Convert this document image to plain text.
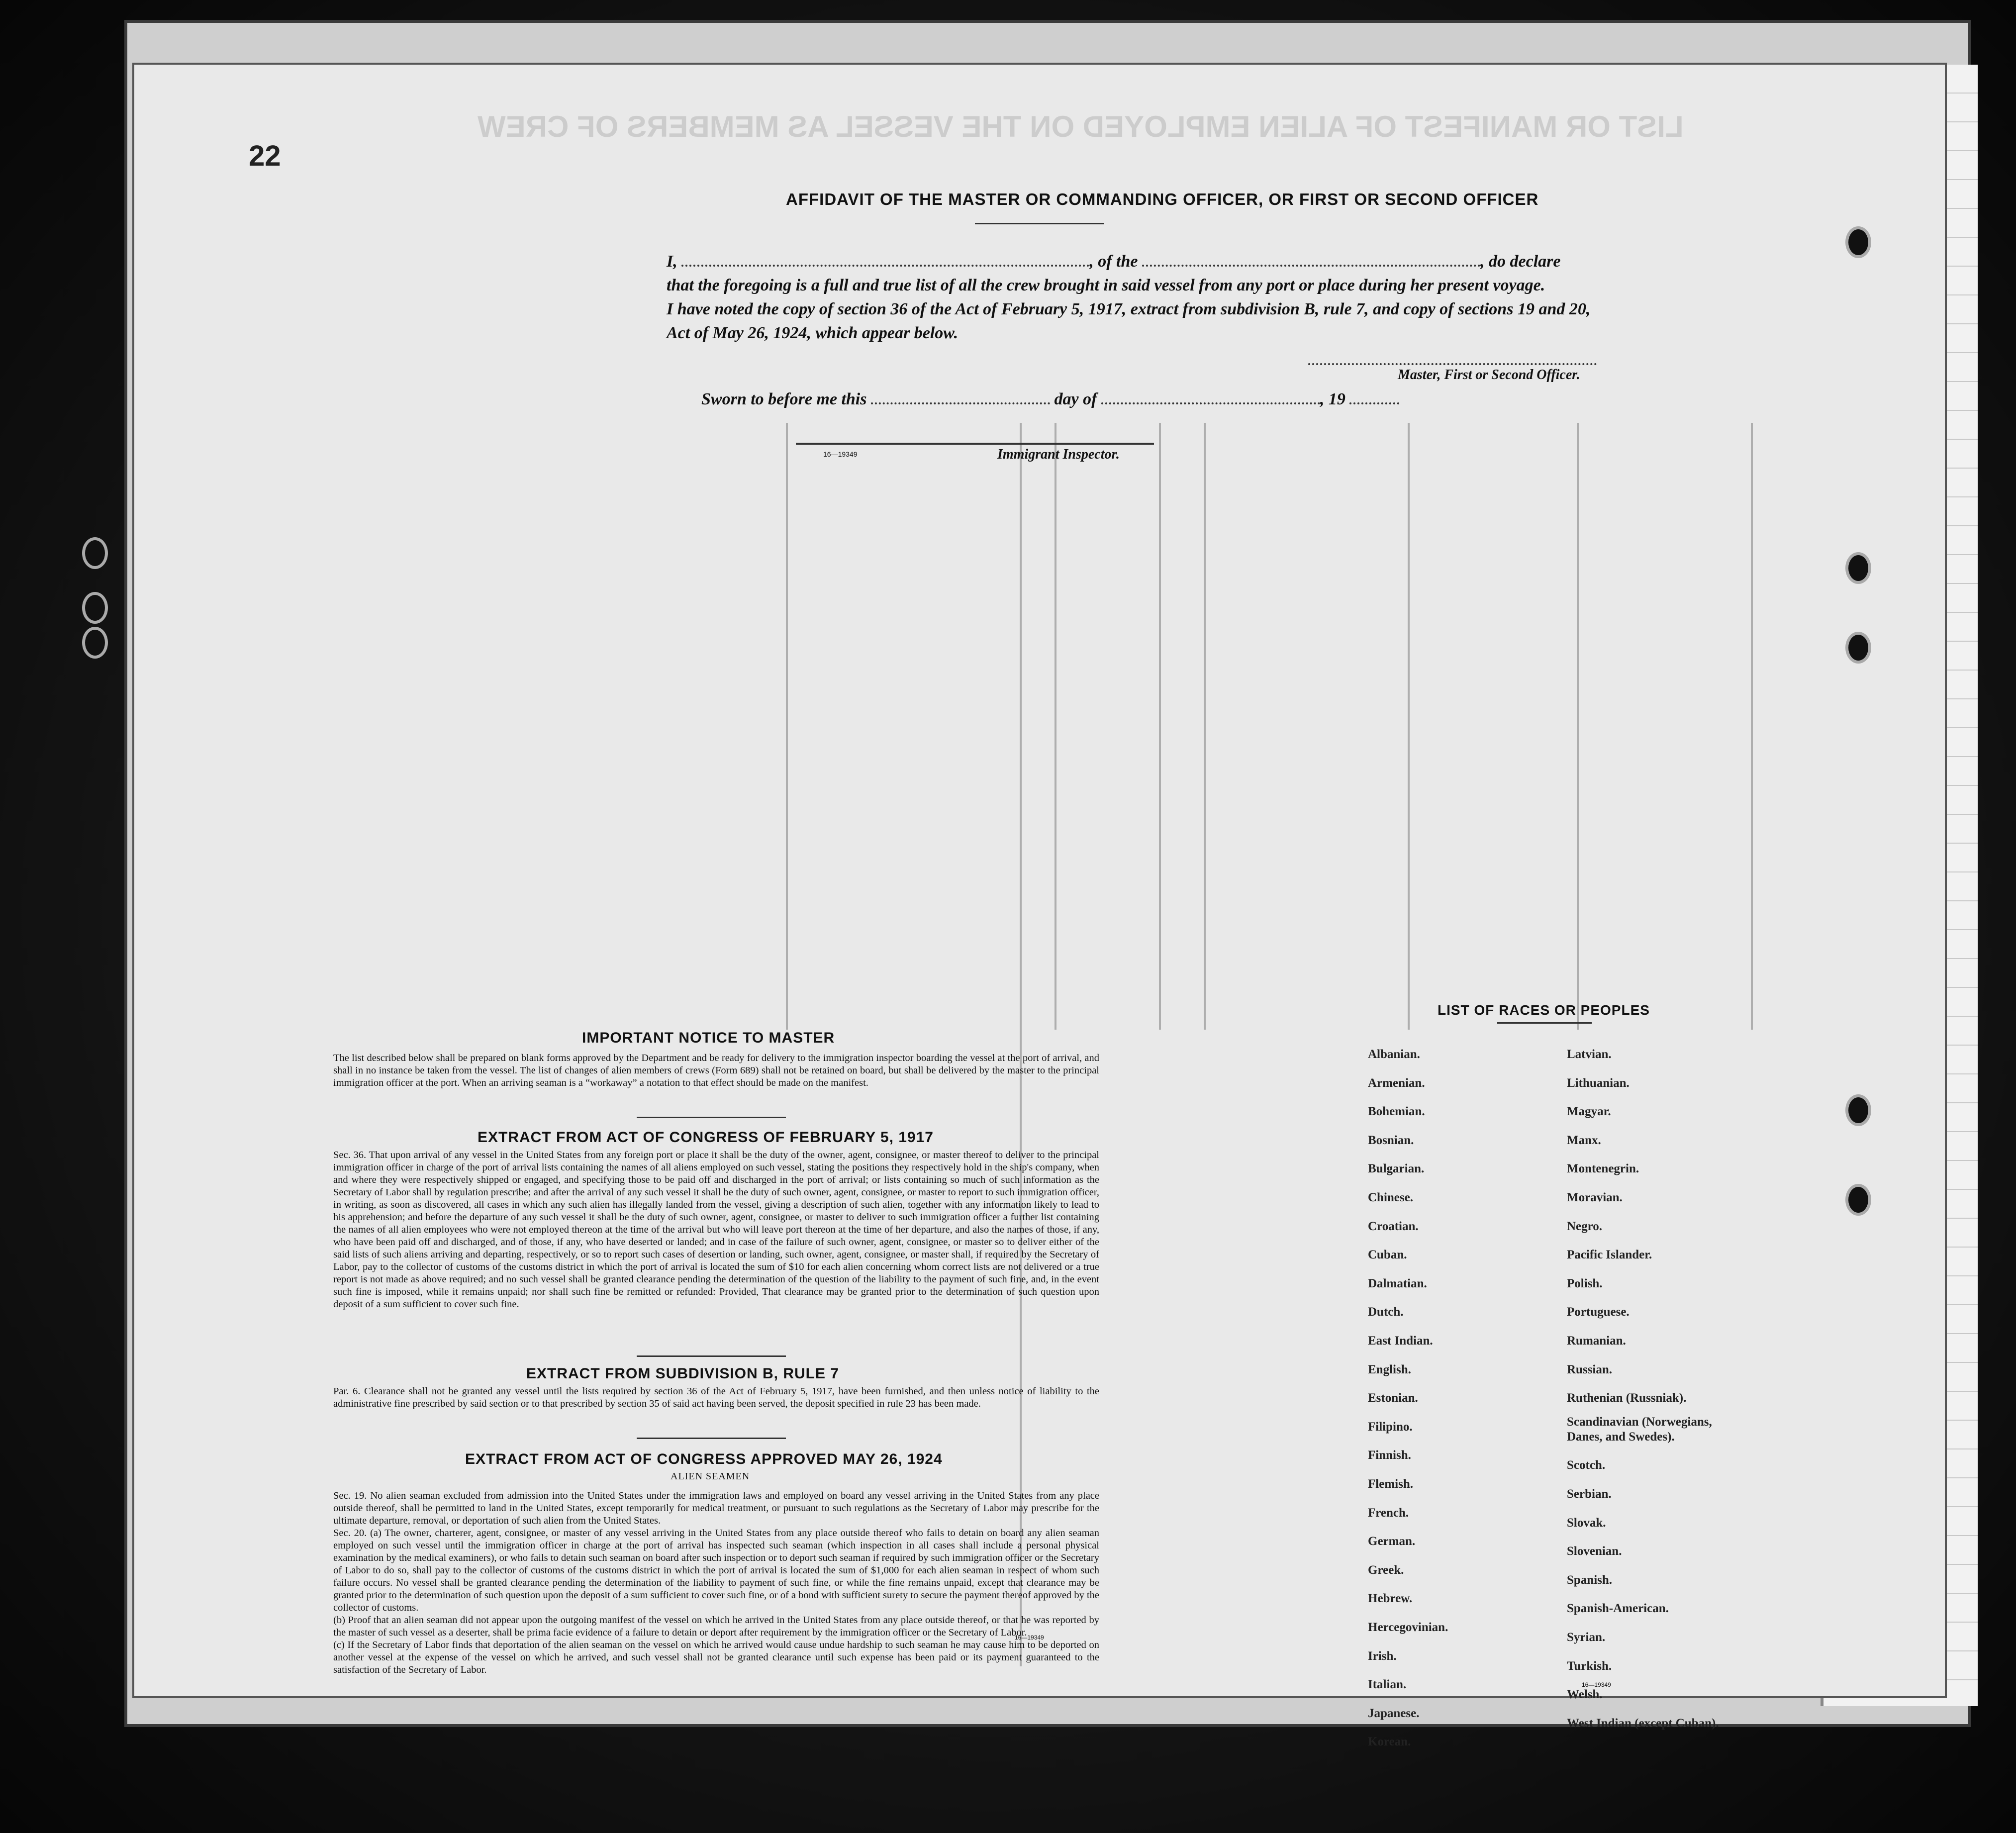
LIST OR MANIFEST OF ALIEN EMPLOYED ON THE VESSEL AS MEMBERS OF CREW
22
AFFIDAVIT OF THE MASTER OR COMMANDING OFFICER, OR FIRST OR SECOND OFFICER
I,	, of the	, do declare
that the foregoing is a full and true list of all the crew brought in said vessel from any port or place during her present voyage.
I have noted the copy of section 36 of the Act of February 5, 1917, extract from subdivision B, rule 7, and copy of sections 19 and 20,
Act of May 26, 1924, which appear below.
Master, First or Second Officer.
Sworn to before me this	day of	, 19
16—19349	Immigrant Inspector.
IMPORTANT NOTICE TO MASTER
The list described below shall be prepared on blank forms approved by the Department and be ready for delivery to the immigration inspector boarding the vessel at the port of arrival, and shall in no instance be taken from the vessel. The list of changes of alien members of crews (Form 689) shall not be retained on board, but shall be delivered by the master to the principal immigration officer at the port. When an arriving seaman is a “workaway” a notation to that effect should be made on the manifest.
EXTRACT FROM ACT OF CONGRESS OF FEBRUARY 5, 1917
Sec. 36. That upon arrival of any vessel in the United States from any foreign port or place it shall be the duty of the owner, agent, consignee, or master thereof to deliver to the principal immigration officer in charge of the port of arrival lists containing the names of all aliens employed on such vessel, stating the positions they respectively hold in the ship's company, when and where they were respectively shipped or engaged, and specifying those to be paid off and discharged in the port of arrival; or lists containing so much of such information as the Secretary of Labor shall by regulation prescribe; and after the arrival of any such vessel it shall be the duty of such owner, agent, consignee, or master to report to such immigration officer, in writing, as soon as discovered, all cases in which any such alien has illegally landed from the vessel, giving a description of such alien, together with any information likely to lead to his apprehension; and before the departure of any such vessel it shall be the duty of such owner, agent, consignee, or master to deliver to such immigration officer a further list containing the names of all alien employees who were not employed thereon at the time of the arrival but who will leave port thereon at the time of her departure, and also the names of those, if any, who have been paid off and discharged, and of those, if any, who have deserted or landed; and in case of the failure of such owner, agent, consignee, or master so to deliver either of the said lists of such aliens arriving and departing, respectively, or so to report such cases of desertion or landing, such owner, agent, consignee, or master shall, if required by the Secretary of Labor, pay to the collector of customs of the customs district in which the port of arrival is located the sum of $10 for each alien concerning whom correct lists are not delivered or a true report is not made as above required; and no such vessel shall be granted clearance pending the determination of the question of the liability to the payment of such fine, and, in the event such fine is imposed, while it remains unpaid; nor shall such fine be remitted or refunded: Provided, That clearance may be granted prior to the determination of such question upon deposit of a sum sufficient to cover such fine.
EXTRACT FROM SUBDIVISION B, RULE 7
Par. 6. Clearance shall not be granted any vessel until the lists required by section 36 of the Act of February 5, 1917, have been furnished, and then unless notice of liability to the administrative fine prescribed by said section or to that prescribed by section 35 of said act having been served, the deposit specified in rule 23 has been made.
EXTRACT FROM ACT OF CONGRESS APPROVED MAY 26, 1924
ALIEN SEAMEN
Sec. 19. No alien seaman excluded from admission into the United States under the immigration laws and employed on board any vessel arriving in the United States from any place outside thereof, shall be permitted to land in the United States, except temporarily for medical treatment, or pursuant to such regulations as the Secretary of Labor may prescribe for the ultimate departure, removal, or deportation of such alien from the United States.
Sec. 20. (a) The owner, charterer, agent, consignee, or master of any vessel arriving in the United States from any place outside thereof who fails to detain on board any alien seaman employed on such vessel until the immigration officer in charge at the port of arrival has inspected such seaman (which inspection in all cases shall include a personal physical examination by the medical examiners), or who fails to detain such seaman on board after such inspection or to deport such seaman if required by such immigration officer or the Secretary of Labor to do so, shall pay to the collector of customs of the customs district in which the port of arrival is located the sum of $1,000 for each alien seaman in respect of whom such failure occurs. No vessel shall be granted clearance pending the determination of the liability to payment of such fine, or while the fine remains unpaid, except that clearance may be granted prior to the determination of such question upon the deposit of a sum sufficient to cover such fine, or of a bond with sufficient surety to secure the payment thereof approved by the collector of customs.
(b) Proof that an alien seaman did not appear upon the outgoing manifest of the vessel on which he arrived in the United States from any place outside thereof, or that he was reported by the master of such vessel as a deserter, shall be prima facie evidence of a failure to detain or deport after requirement by the immigration officer or the Secretary of Labor.
(c) If the Secretary of Labor finds that deportation of the alien seaman on the vessel on which he arrived would cause undue hardship to such seaman he may cause him to be deported on another vessel at the expense of the vessel on which he arrived, and such vessel shall not be granted clearance until such expense has been paid or its payment guaranteed to the satisfaction of the Secretary of Labor.
16—19349
LIST OF RACES OR PEOPLES
Albanian.
Armenian.
Bohemian.
Bosnian.
Bulgarian.
Chinese.
Croatian.
Cuban.
Dalmatian.
Dutch.
East Indian.
English.
Estonian.
Filipino.
Finnish.
Flemish.
French.
German.
Greek.
Hebrew.
Hercegovinian.
Irish.
Italian.
Japanese.
Korean.
Latvian.
Lithuanian.
Magyar.
Manx.
Montenegrin.
Moravian.
Negro.
Pacific Islander.
Polish.
Portuguese.
Rumanian.
Russian.
Ruthenian (Russniak).
Scandinavian (Norwegians,
Danes, and Swedes).
Scotch.
Serbian.
Slovak.
Slovenian.
Spanish.
Spanish-American.
Syrian.
Turkish.
Welsh.
West Indian (except Cuban).
16—19349
